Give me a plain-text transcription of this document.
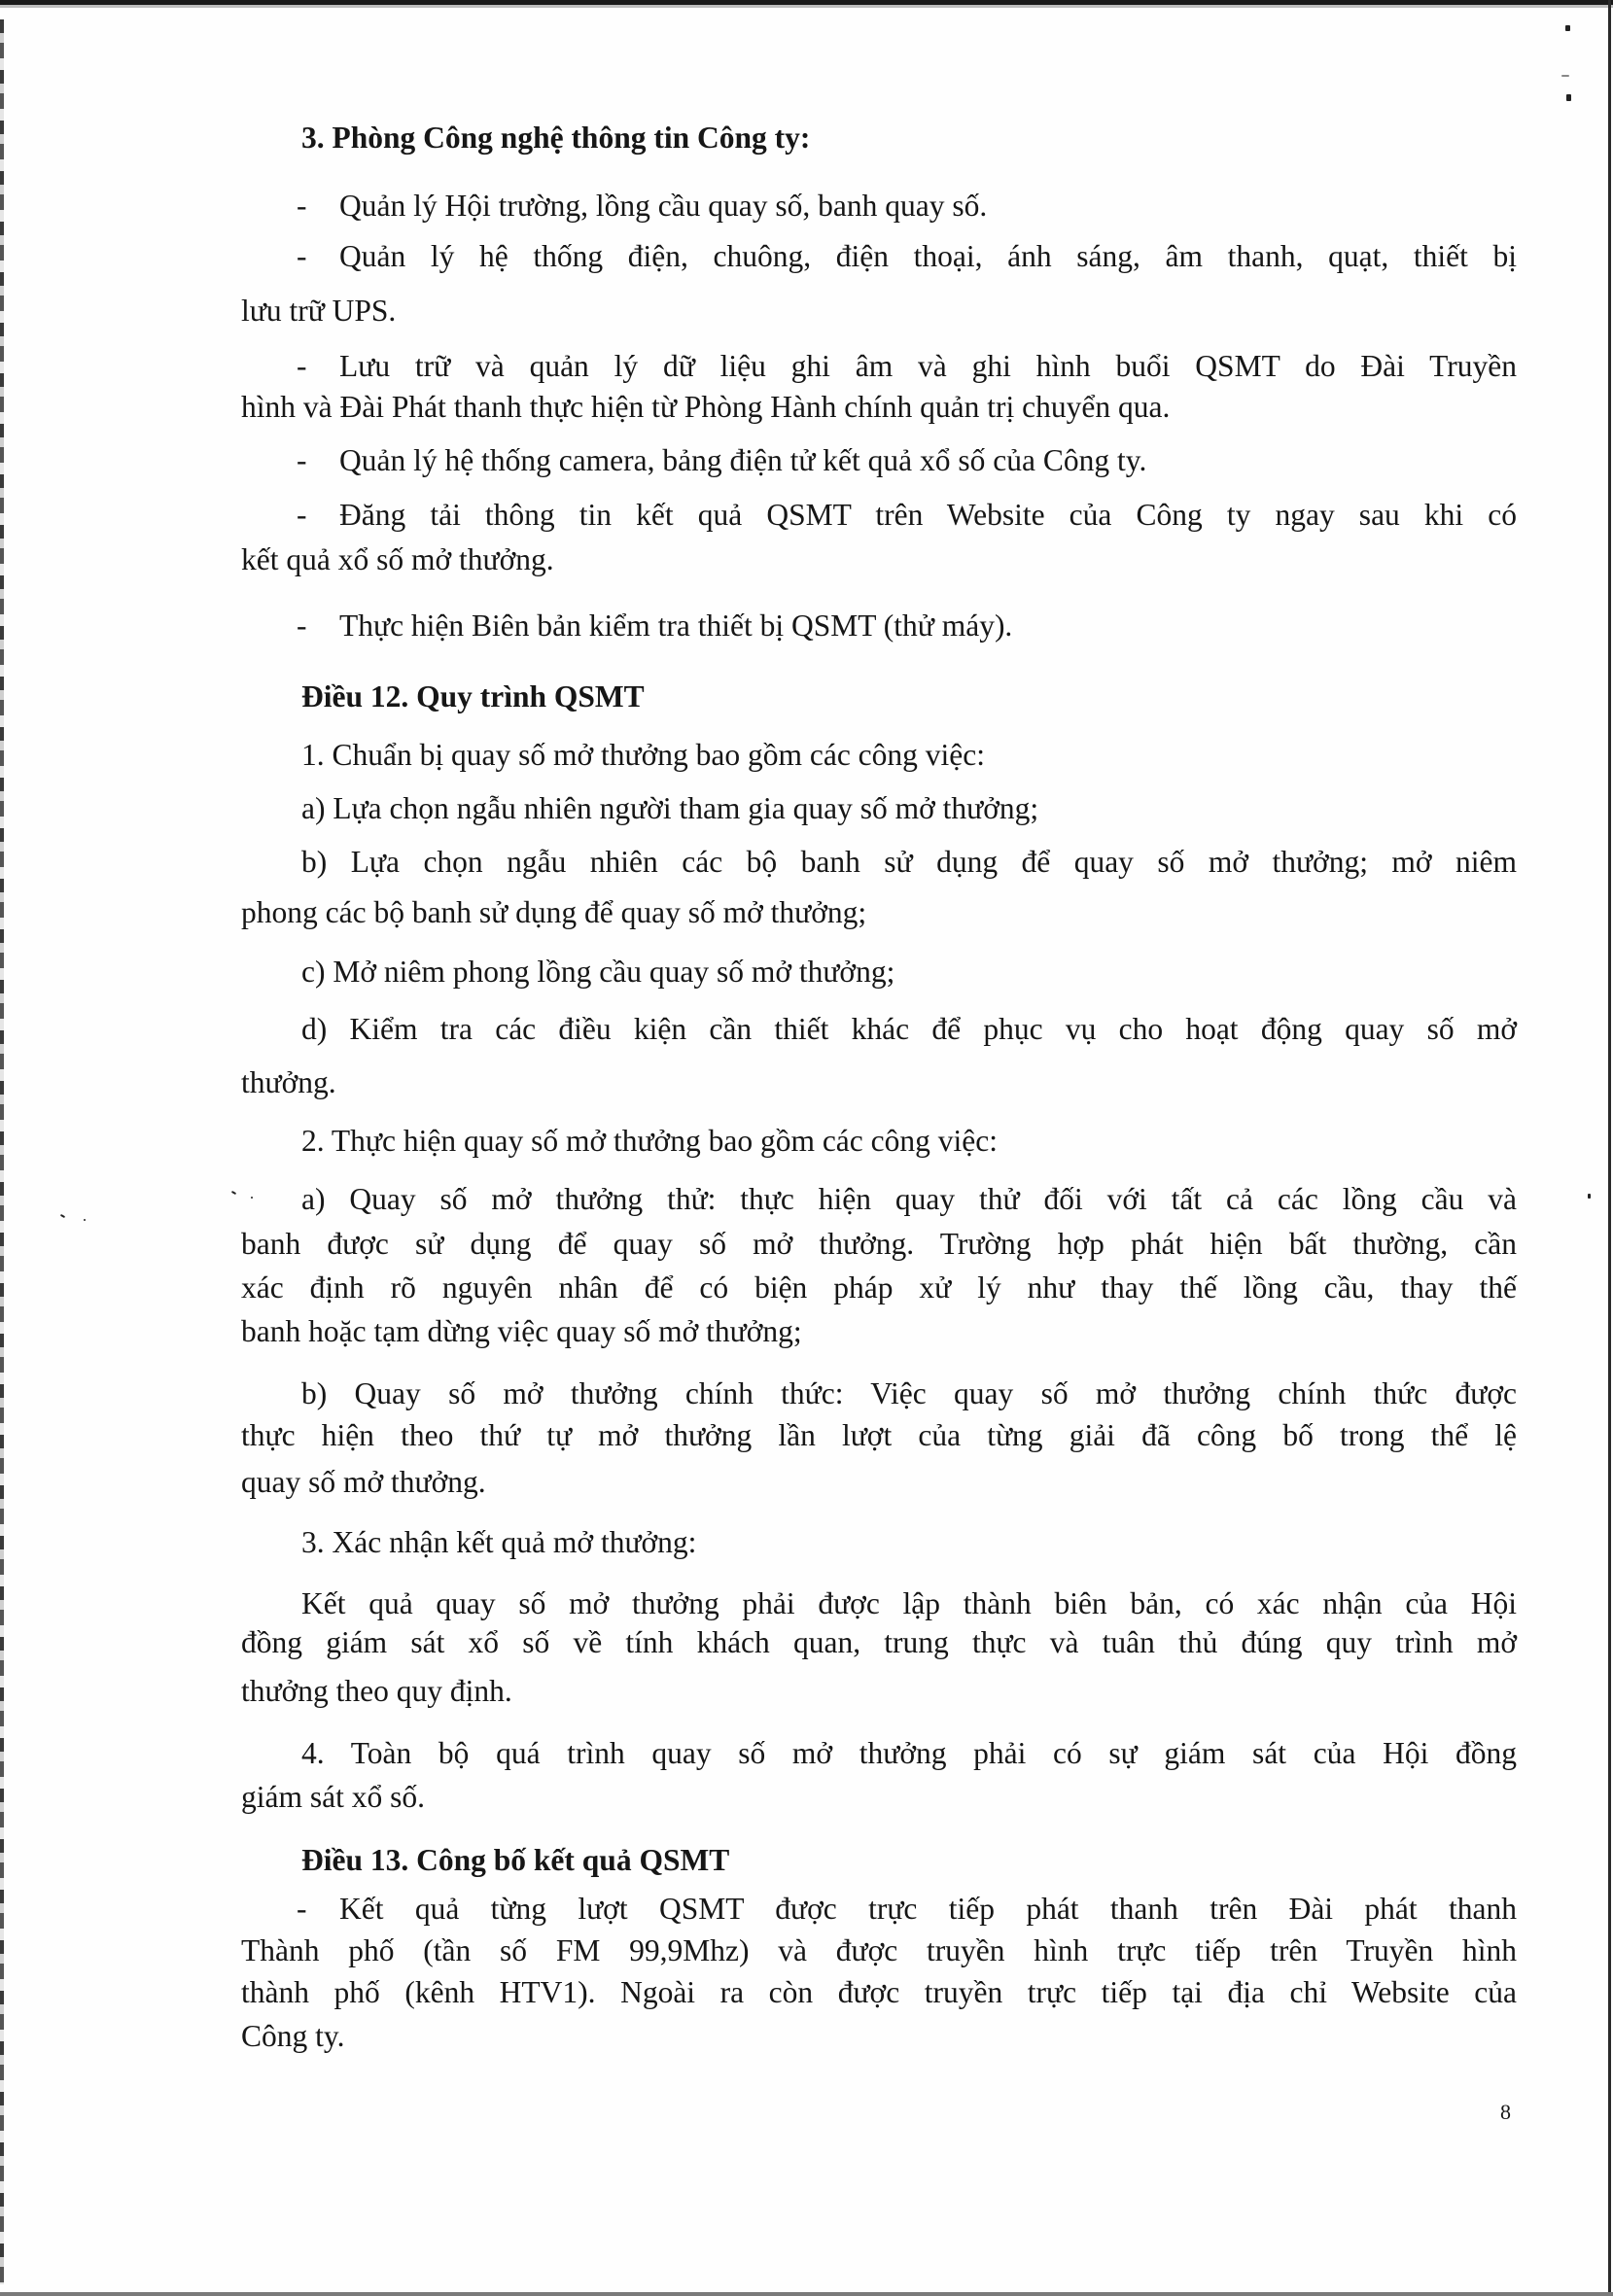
3. Phòng Công nghệ thông tin Công ty:
- Quản lý Hội trường, lồng cầu quay số, banh quay số.
- Quản lý hệ thống điện, chuông, điện thoại, ánh sáng, âm thanh, quạt, thiết bị
lưu trữ UPS.
- Lưu trữ và quản lý dữ liệu ghi âm và ghi hình buổi QSMT do Đài Truyền
hình và Đài Phát thanh thực hiện từ Phòng Hành chính quản trị chuyển qua.
- Quản lý hệ thống camera, bảng điện tử kết quả xổ số của Công ty.
- Đăng tải thông tin kết quả QSMT trên Website của Công ty ngay sau khi có
kết quả xổ số mở thưởng.
- Thực hiện Biên bản kiểm tra thiết bị QSMT (thử máy).
Điều 12. Quy trình QSMT
1. Chuẩn bị quay số mở thưởng bao gồm các công việc:
a) Lựa chọn ngẫu nhiên người tham gia quay số mở thưởng;
b) Lựa chọn ngẫu nhiên các bộ banh sử dụng để quay số mở thưởng; mở niêm
phong các bộ banh sử dụng để quay số mở thưởng;
c) Mở niêm phong lồng cầu quay số mở thưởng;
d) Kiểm tra các điều kiện cần thiết khác để phục vụ cho hoạt động quay số mở
thưởng.
2. Thực hiện quay số mở thưởng bao gồm các công việc:
a) Quay số mở thưởng thử: thực hiện quay thử đối với tất cả các lồng cầu và
banh được sử dụng để quay số mở thưởng. Trường hợp phát hiện bất thường, cần
xác định rõ nguyên nhân để có biện pháp xử lý như thay thế lồng cầu, thay thế
banh hoặc tạm dừng việc quay số mở thưởng;
b) Quay số mở thưởng chính thức: Việc quay số mở thưởng chính thức được
thực hiện theo thứ tự mở thưởng lần lượt của từng giải đã công bố trong thể lệ
quay số mở thưởng.
3. Xác nhận kết quả mở thưởng:
Kết quả quay số mở thưởng phải được lập thành biên bản, có xác nhận của Hội
đồng giám sát xổ số về tính khách quan, trung thực và tuân thủ đúng quy trình mở
thưởng theo quy định.
4. Toàn bộ quá trình quay số mở thưởng phải có sự giám sát của Hội đồng
giám sát xổ số.
Điều 13. Công bố kết quả QSMT
- Kết quả từng lượt QSMT được trực tiếp phát thanh trên Đài phát thanh
Thành phố (tần số FM 99,9Mhz) và được truyền hình trực tiếp trên Truyền hình
thành phố (kênh HTV1). Ngoài ra còn được truyền trực tiếp tại địa chỉ Website của
Công ty.
8
